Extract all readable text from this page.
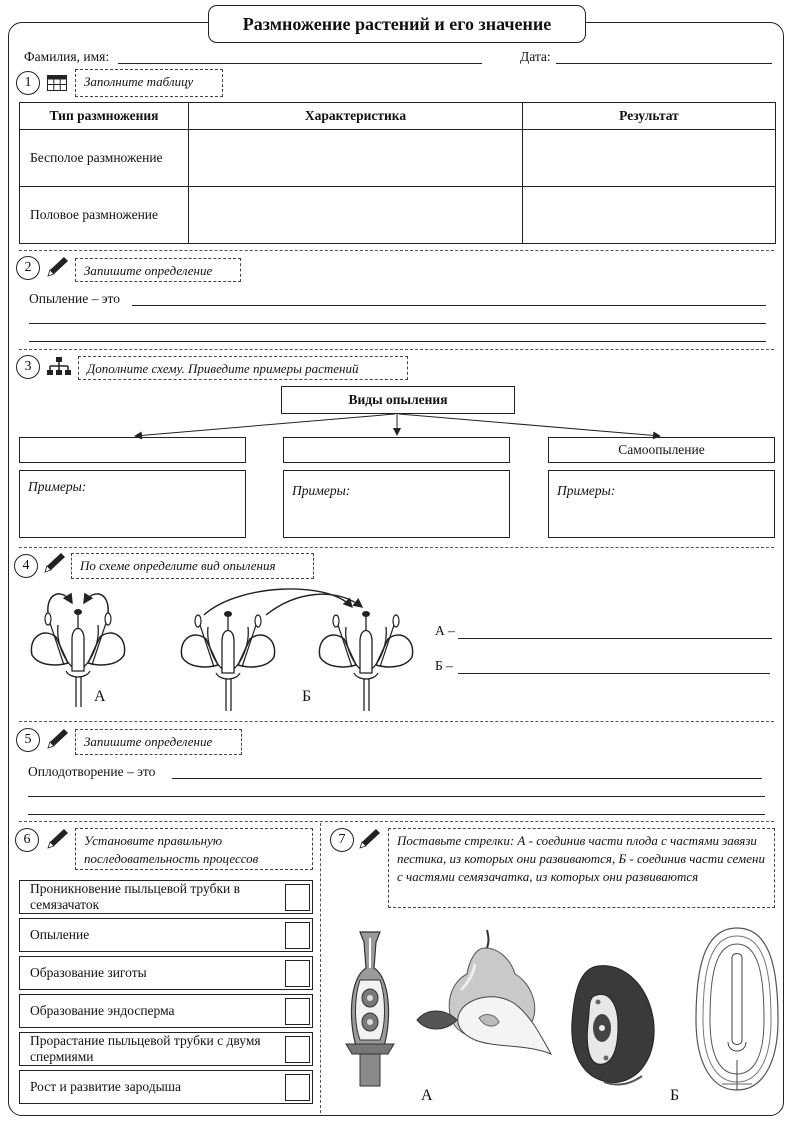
Размножение растений и его значение
Фамилия, имя:	Дата:
1	Заполните таблицу
Тип размножения	Характеристика	Результат
Бесполое размножение		
Половое размножение		
2	Запишите определение
Опыление – это
3	Дополните схему. Приведите примеры растений
Виды опыления
Самоопыление
Примеры:	Примеры:	Примеры:
4	По схеме определите вид опыления
А	Б
А –
Б –
5	Запишите определение
Оплодотворение – это
6	Установите правильную последовательность процессов
Проникновение пыльцевой трубки в семязачаток
Опыление
Образование зиготы
Образование эндосперма
Прорастание пыльцевой трубки с двумя спермиями
Рост и развитие зародыша
7	Поставьте стрелки: А - соединив части плода с частями завязи пестика, из которых они развиваются, Б - соединив части семени с частями семязачатка, из которых они развиваются
А	Б
